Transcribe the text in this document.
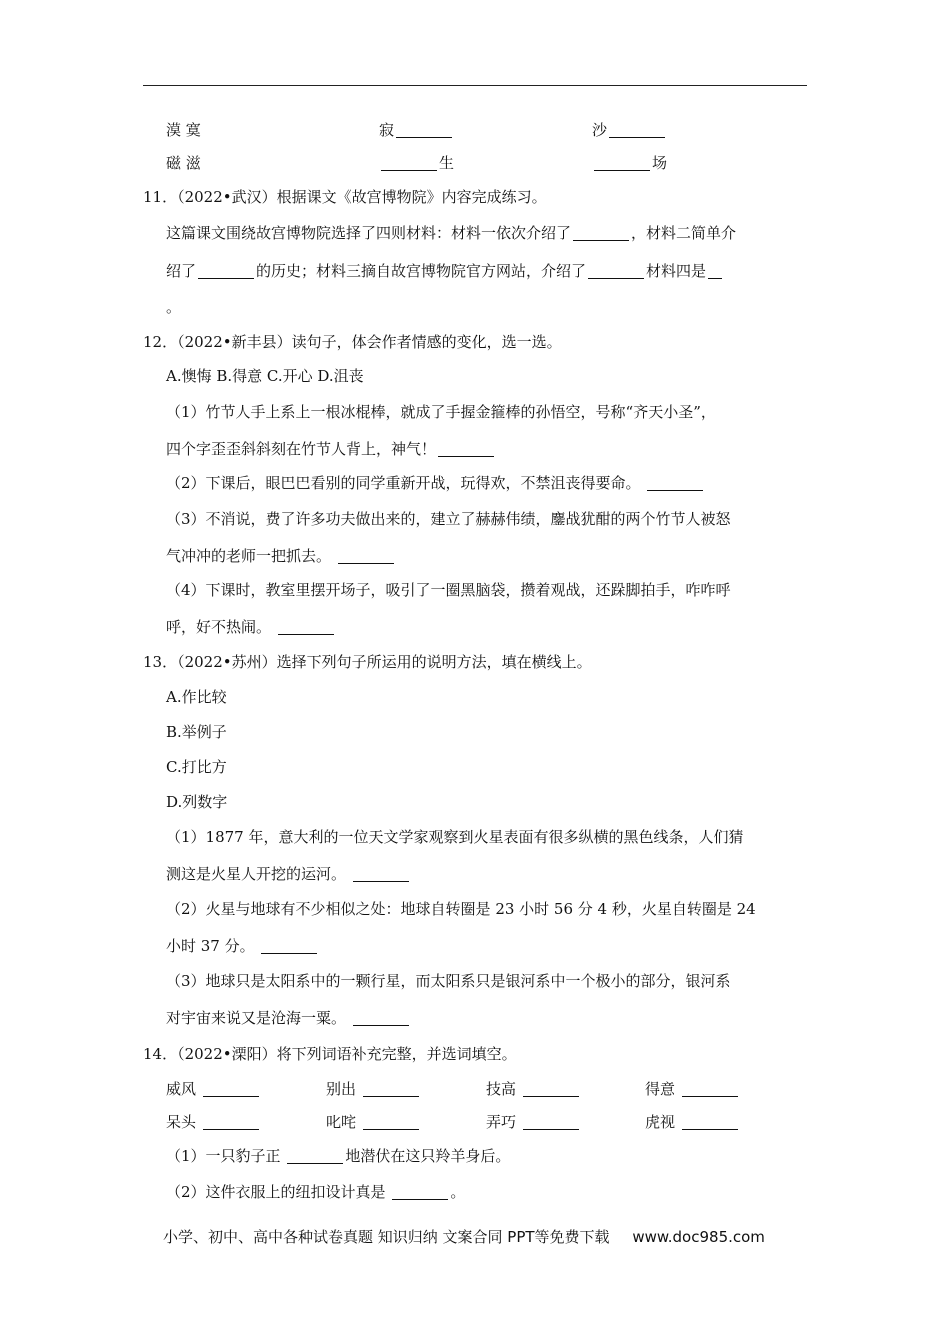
漠 寞	寂	沙
磁 滋	生	场
11．（2022•武汉）根据课文《故宫博物院》内容完成练习。
这篇课文围绕故宫博物院选择了四则材料：材料一依次介绍了	，材料二简单介
绍了	的历史；材料三摘自故宫博物院官方网站，介绍了	材料四是
。
12．（2022•新丰县）读句子，体会作者情感的变化，选一选。
A.懊悔 B.得意 C.开心 D.沮丧
（1）竹节人手上系上一根冰棍棒，就成了手握金箍棒的孙悟空，号称“齐天小圣”，
四个字歪歪斜斜刻在竹节人背上，神气！
（2）下课后，眼巴巴看别的同学重新开战，玩得欢，不禁沮丧得要命。
（3）不消说，费了许多功夫做出来的，建立了赫赫伟绩，鏖战犹酣的两个竹节人被怒
气冲冲的老师一把抓去。
（4）下课时，教室里摆开场子，吸引了一圈黑脑袋，攒着观战，还跺脚拍手，咋咋呼
呼，好不热闹。
13．（2022•苏州）选择下列句子所运用的说明方法，填在横线上。
A.作比较
B.举例子
C.打比方
D.列数字
（1）1877 年，意大利的一位天文学家观察到火星表面有很多纵横的黑色线条，人们猜
测这是火星人开挖的运河。
（2）火星与地球有不少相似之处：地球自转圈是 23 小时 56 分 4 秒，火星自转圈是 24
小时 37 分。
（3）地球只是太阳系中的一颗行星，而太阳系只是银河系中一个极小的部分，银河系
对宇宙来说又是沧海一粟。
14．（2022•溧阳）将下列词语补充完整，并选词填空。
威风	别出	技高	得意
呆头	叱咤	弄巧	虎视
（1）一只豹子正	地潜伏在这只羚羊身后。
（2）这件衣服上的纽扣设计真是	。
小学、初中、高中各种试卷真题 知识归纳 文案合同 PPT等免费下载 www.doc985.com
